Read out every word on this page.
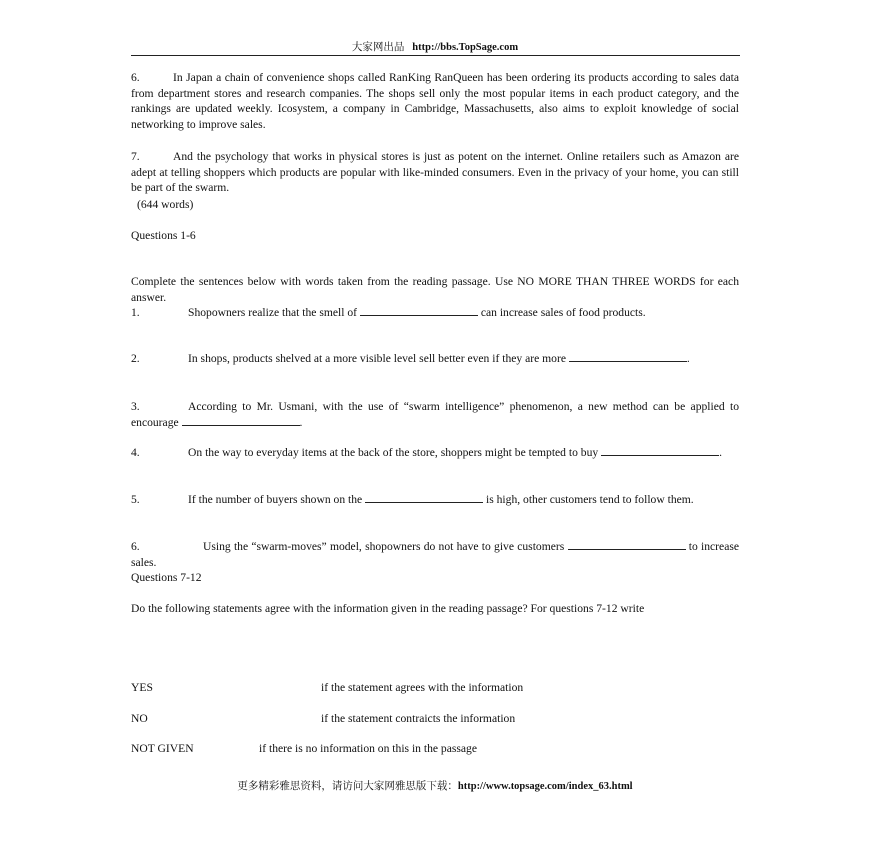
大家网出品 http://bbs.TopSage.com
6.	In Japan a chain of convenience shops called RanKing RanQueen has been ordering its products according to sales data from department stores and research companies. The shops sell only the most popular items in each product category, and the rankings are updated weekly. Icosystem, a company in Cambridge, Massachusetts, also aims to exploit knowledge of social networking to improve sales.
7.	And the psychology that works in physical stores is just as potent on the internet. Online retailers such as Amazon are adept at telling shoppers which products are popular with like-minded consumers. Even in the privacy of your home, you can still be part of the swarm.
(644 words)
Questions 1-6
Complete the sentences below with words taken from the reading passage. Use NO MORE THAN THREE WORDS for each answer.
1.	Shopowners realize that the smell of	can increase sales of food products.
2.	In shops, products shelved at a more visible level sell better even if they are more	.
3.	According to Mr. Usmani, with the use of “swarm intelligence” phenomenon, a new method can be applied to encourage	.
4.	On the way to everyday items at the back of the store, shoppers might be tempted to buy	.
5.	If the number of buyers shown on the	is high, other customers tend to follow them.
6.	Using the “swarm-moves” model, shopowners do not have to give customers	to increase sales.
Questions 7-12
Do the following statements agree with the information given in the reading passage? For questions 7-12 write
YES	if the statement agrees with the information
NO	if the statement contraicts the information
NOT GIVEN	if there is no information on this in the passage
更多精彩雅思资料，请访问大家网雅思版下载：http://www.topsage.com/index_63.html
